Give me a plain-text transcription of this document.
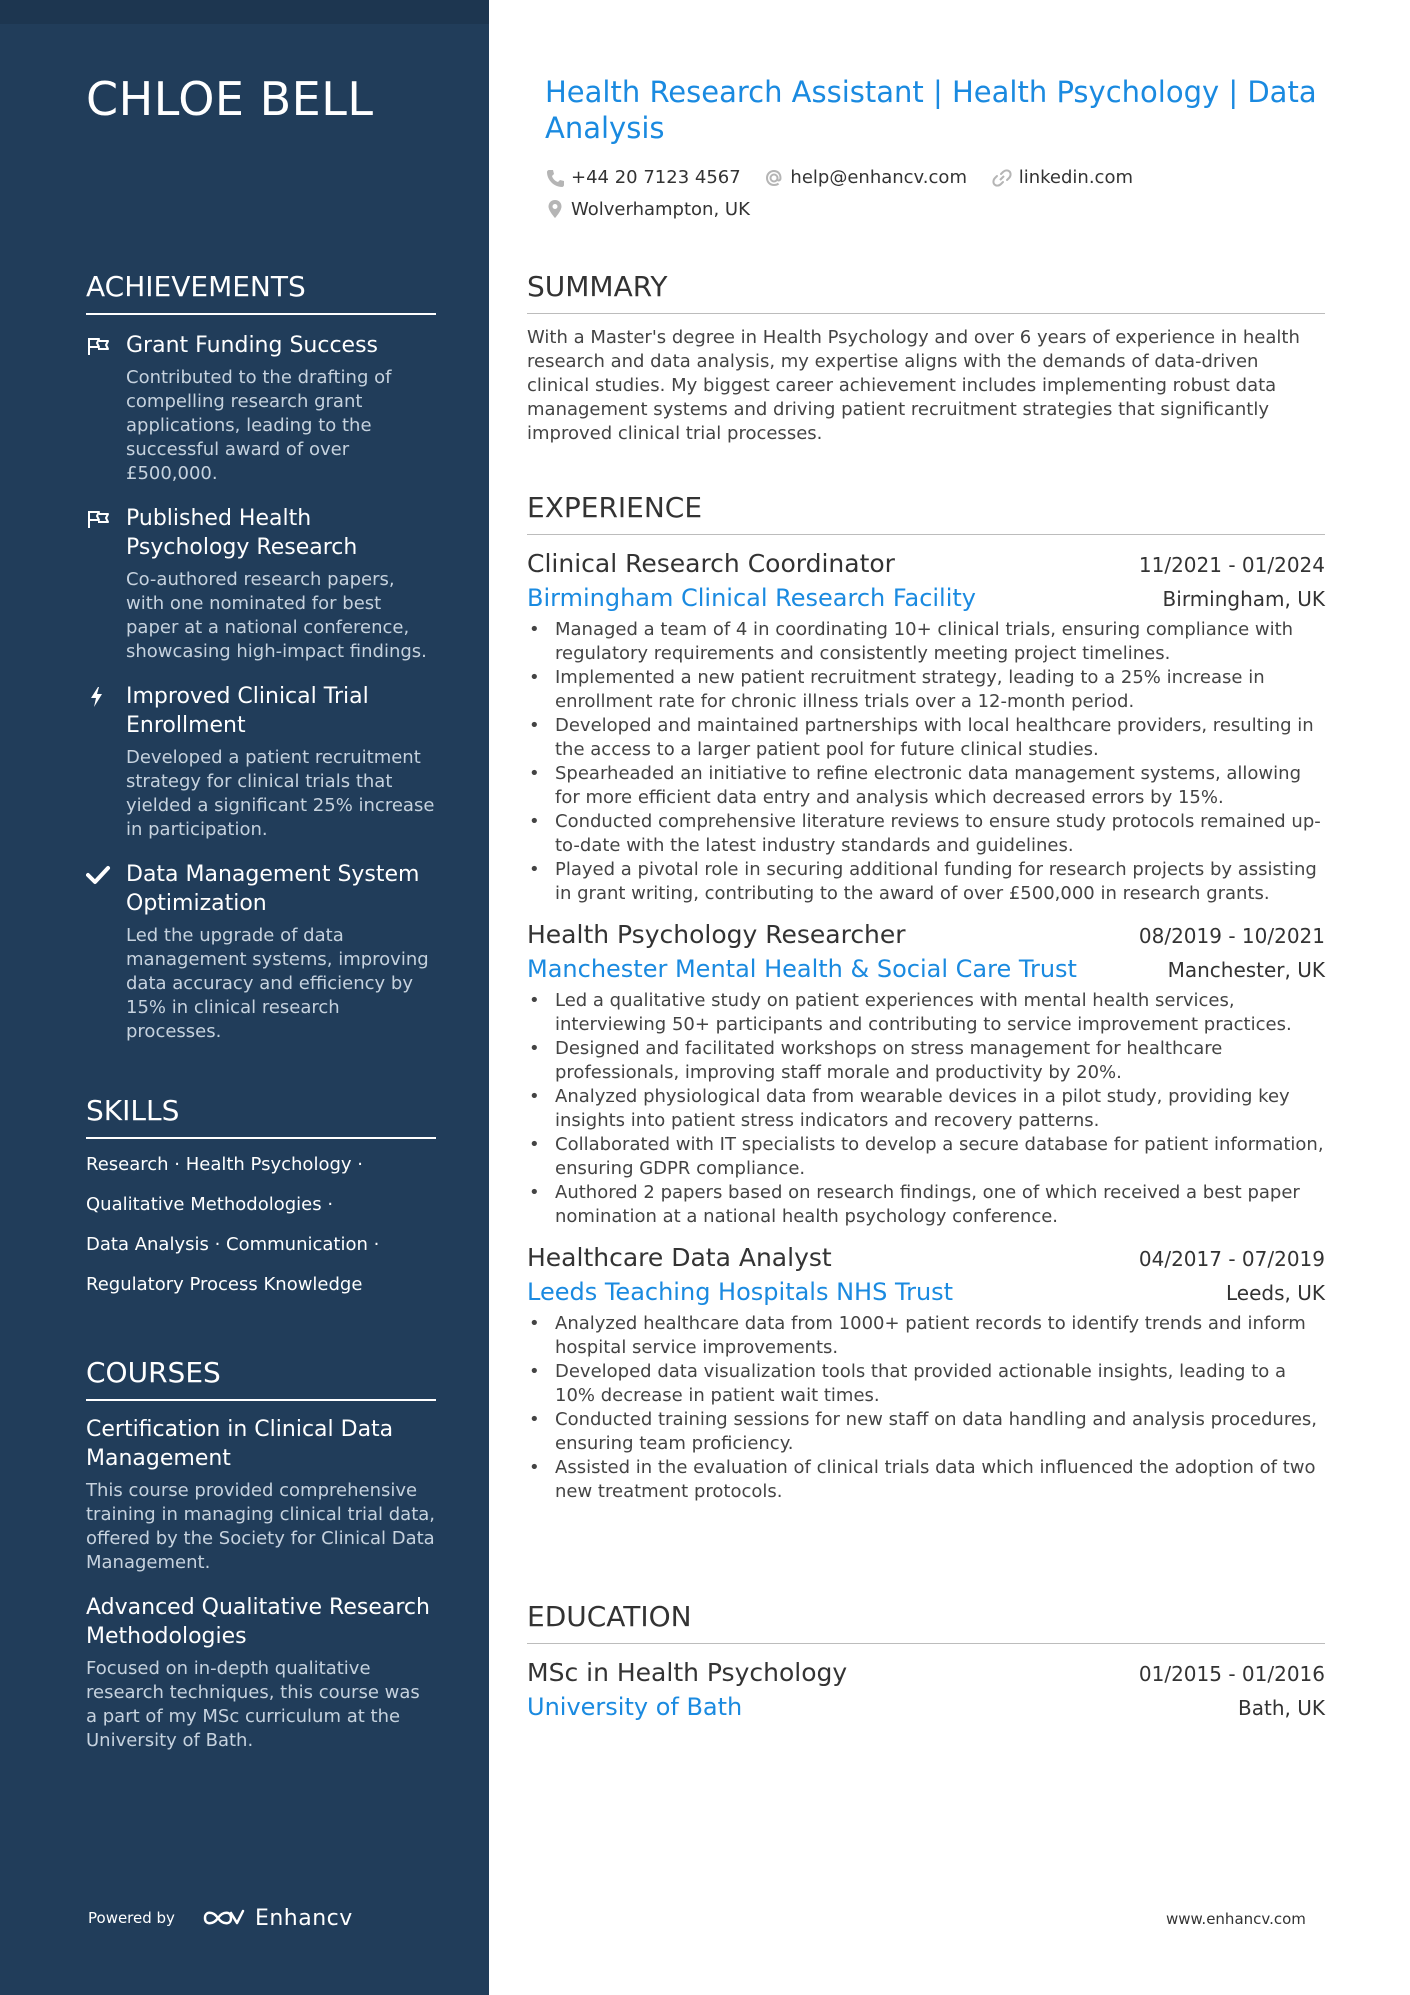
CHLOE BELL
ACHIEVEMENTS
Grant Funding Success
Contributed to the drafting of compelling research grant applications, leading to the successful award of over £500,000.
Published Health Psychology Research
Co-authored research papers, with one nominated for best paper at a national conference, showcasing high-impact findings.
Improved Clinical Trial Enrollment
Developed a patient recruitment strategy for clinical trials that yielded a significant 25% increase in participation.
Data Management System Optimization
Led the upgrade of data management systems, improving data accuracy and efficiency by 15% in clinical research processes.
SKILLS
Research · Health Psychology ·
Qualitative Methodologies ·
Data Analysis · Communication ·
Regulatory Process Knowledge
COURSES
Certification in Clinical Data Management
This course provided comprehensive training in managing clinical trial data, offered by the Society for Clinical Data Management.
Advanced Qualitative Research Methodologies
Focused on in-depth qualitative research techniques, this course was a part of my MSc curriculum at the University of Bath.
Powered by	Enhancv
Health Research Assistant | Health Psychology | Data Analysis
+44 20 7123 4567
	help@enhancv.com
	linkedin.com

Wolverhampton, UK
SUMMARY
With a Master's degree in Health Psychology and over 6 years of experience in health research and data analysis, my expertise aligns with the demands of data-driven clinical studies. My biggest career achievement includes implementing robust data management systems and driving patient recruitment strategies that significantly improved clinical trial processes.
EXPERIENCE
Clinical Research Coordinator	11/2021 - 01/2024
Birmingham Clinical Research Facility	Birmingham, UK
• Managed a team of 4 in coordinating 10+ clinical trials, ensuring compliance with regulatory requirements and consistently meeting project timelines.
• Implemented a new patient recruitment strategy, leading to a 25% increase in enrollment rate for chronic illness trials over a 12-month period.
• Developed and maintained partnerships with local healthcare providers, resulting in the access to a larger patient pool for future clinical studies.
• Spearheaded an initiative to refine electronic data management systems, allowing for more efficient data entry and analysis which decreased errors by 15%.
• Conducted comprehensive literature reviews to ensure study protocols remained up-to-date with the latest industry standards and guidelines.
• Played a pivotal role in securing additional funding for research projects by assisting in grant writing, contributing to the award of over £500,000 in research grants.
Health Psychology Researcher	08/2019 - 10/2021
Manchester Mental Health & Social Care Trust	Manchester, UK
• Led a qualitative study on patient experiences with mental health services, interviewing 50+ participants and contributing to service improvement practices.
• Designed and facilitated workshops on stress management for healthcare professionals, improving staff morale and productivity by 20%.
• Analyzed physiological data from wearable devices in a pilot study, providing key insights into patient stress indicators and recovery patterns.
• Collaborated with IT specialists to develop a secure database for patient information, ensuring GDPR compliance.
• Authored 2 papers based on research findings, one of which received a best paper nomination at a national health psychology conference.
Healthcare Data Analyst	04/2017 - 07/2019
Leeds Teaching Hospitals NHS Trust	Leeds, UK
• Analyzed healthcare data from 1000+ patient records to identify trends and inform hospital service improvements.
• Developed data visualization tools that provided actionable insights, leading to a 10% decrease in patient wait times.
• Conducted training sessions for new staff on data handling and analysis procedures, ensuring team proficiency.
• Assisted in the evaluation of clinical trials data which influenced the adoption of two new treatment protocols.
EDUCATION
MSc in Health Psychology	01/2015 - 01/2016
University of Bath	Bath, UK
www.enhancv.com
